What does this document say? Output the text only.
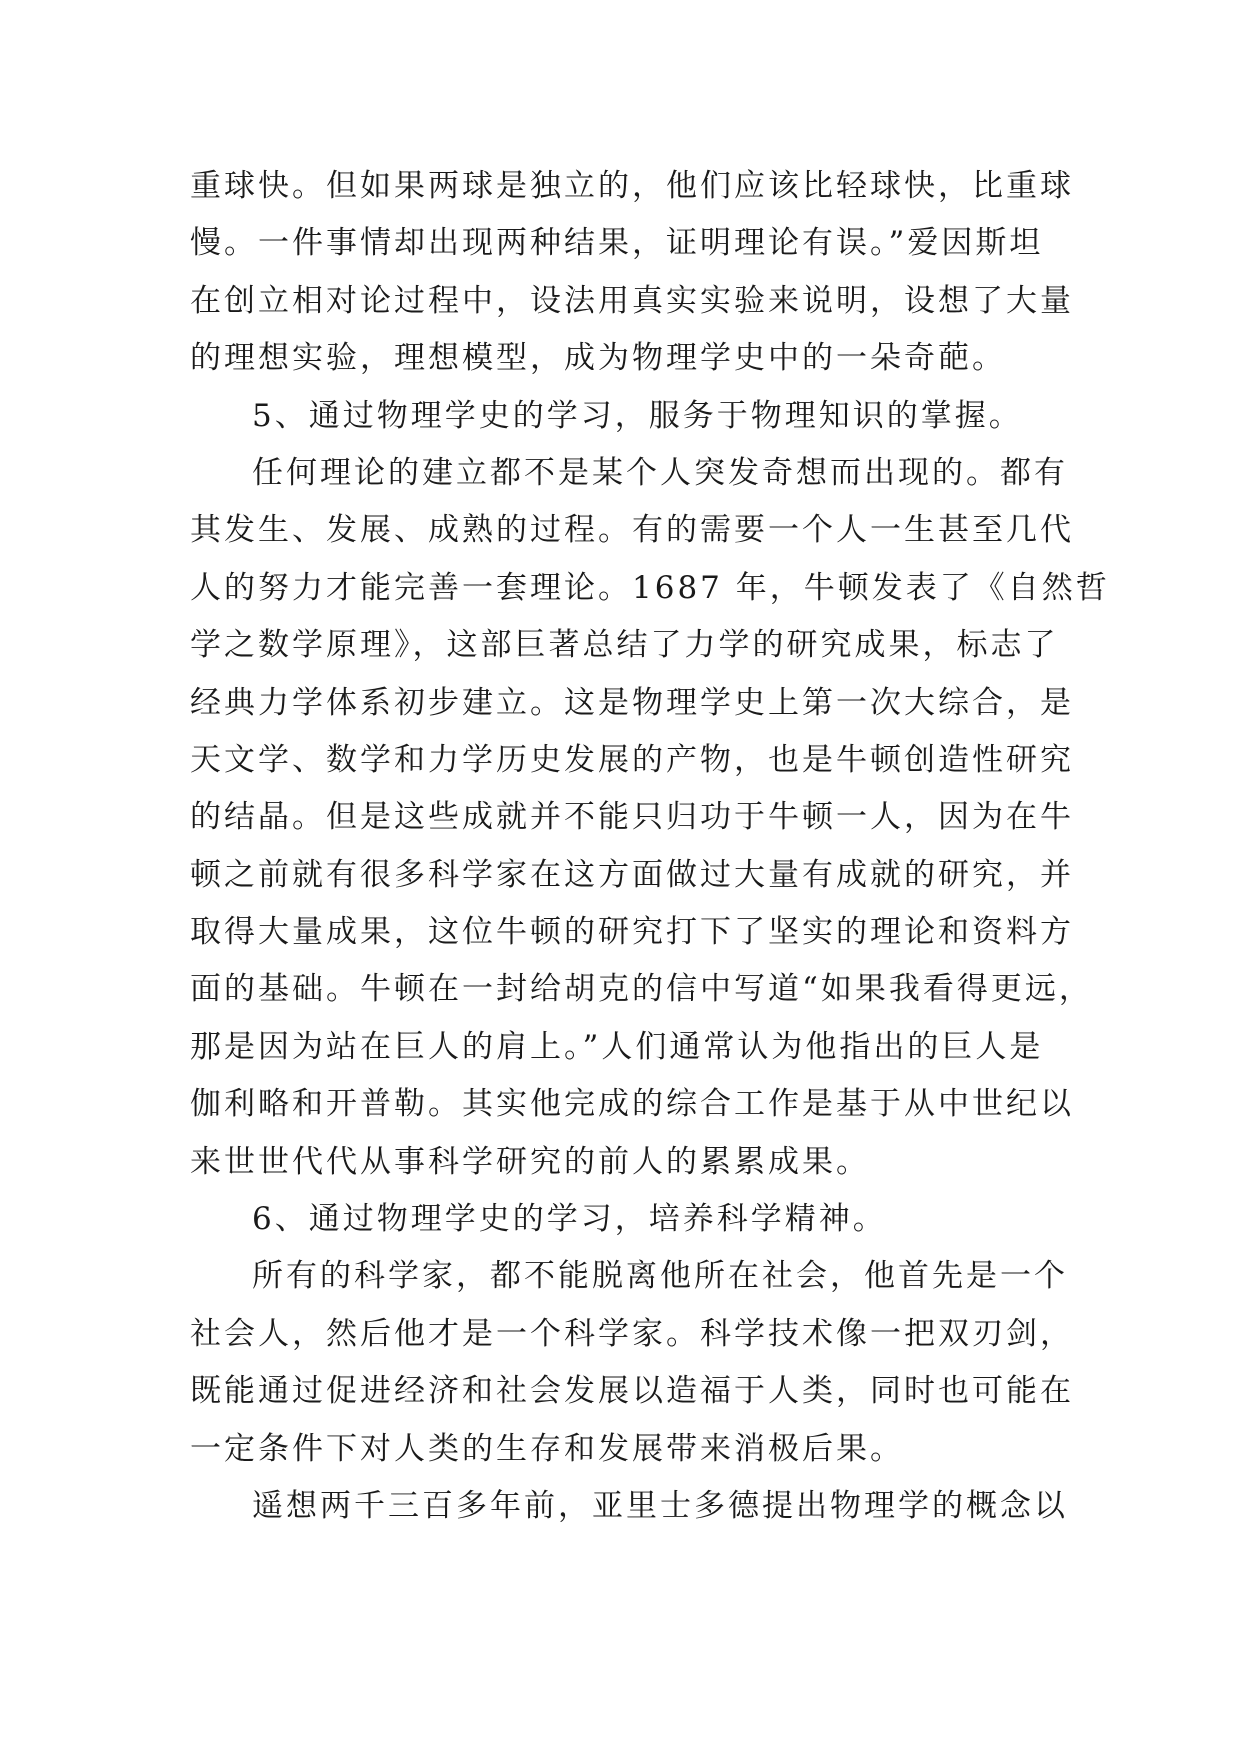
重球快。但如果两球是独立的，他们应该比轻球快，比重球
慢。一件事情却出现两种结果，证明理论有误。”爱因斯坦
在创立相对论过程中，设法用真实实验来说明，设想了大量
的理想实验，理想模型，成为物理学史中的一朵奇葩。
5、通过物理学史的学习，服务于物理知识的掌握。
任何理论的建立都不是某个人突发奇想而出现的。都有
其发生、发展、成熟的过程。有的需要一个人一生甚至几代
人的努力才能完善一套理论。1687 年，牛顿发表了《自然哲
学之数学原理》，这部巨著总结了力学的研究成果，标志了
经典力学体系初步建立。这是物理学史上第一次大综合，是
天文学、数学和力学历史发展的产物，也是牛顿创造性研究
的结晶。但是这些成就并不能只归功于牛顿一人，因为在牛
顿之前就有很多科学家在这方面做过大量有成就的研究，并
取得大量成果，这位牛顿的研究打下了坚实的理论和资料方
面的基础。牛顿在一封给胡克的信中写道“如果我看得更远，
那是因为站在巨人的肩上。”人们通常认为他指出的巨人是
伽利略和开普勒。其实他完成的综合工作是基于从中世纪以
来世世代代从事科学研究的前人的累累成果。
6、通过物理学史的学习，培养科学精神。
所有的科学家，都不能脱离他所在社会，他首先是一个
社会人，然后他才是一个科学家。科学技术像一把双刃剑，
既能通过促进经济和社会发展以造福于人类，同时也可能在
一定条件下对人类的生存和发展带来消极后果。
遥想两千三百多年前，亚里士多德提出物理学的概念以
